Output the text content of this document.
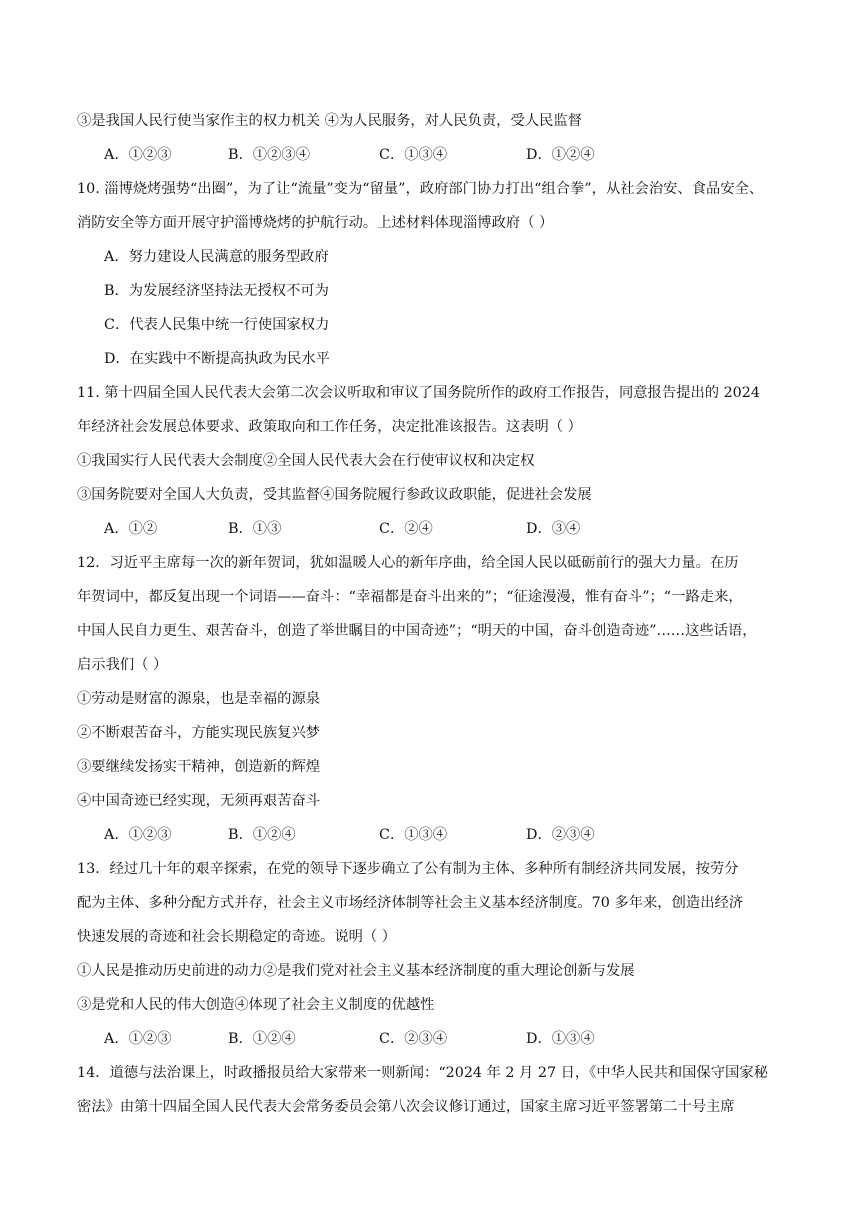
③是我国人民行使当家作主的权力机关 ④为人民服务，对人民负责，受人民监督
A．①②③	B．①②③④	C．①③④	D．①②④
10. 淄博烧烤强势“出圈”，为了让“流量”变为“留量”，政府部门协力打出“组合拳”，从社会治安、食品安全、
消防安全等方面开展守护淄博烧烤的护航行动。上述材料体现淄博政府（ ）
A．努力建设人民满意的服务型政府
B．为发展经济坚持法无授权不可为
C．代表人民集中统一行使国家权力
D．在实践中不断提高执政为民水平
11. 第十四届全国人民代表大会第二次会议听取和审议了国务院所作的政府工作报告，同意报告提出的 2024
年经济社会发展总体要求、政策取向和工作任务，决定批准该报告。这表明（ ）
①我国实行人民代表大会制度②全国人民代表大会在行使审议权和决定权
③国务院要对全国人大负责，受其监督④国务院履行参政议政职能，促进社会发展
A．①②	B．①③	C．②④	D．③④
12．习近平主席每一次的新年贺词，犹如温暖人心的新年序曲，给全国人民以砥砺前行的强大力量。在历
年贺词中，都反复出现一个词语——奋斗：“幸福都是奋斗出来的”；“征途漫漫，惟有奋斗”；“一路走来，
中国人民自力更生、艰苦奋斗，创造了举世瞩目的中国奇迹”；“明天的中国，奋斗创造奇迹”……这些话语，
启示我们（ ）
①劳动是财富的源泉，也是幸福的源泉
②不断艰苦奋斗，方能实现民族复兴梦
③要继续发扬实干精神，创造新的辉煌
④中国奇迹已经实现，无须再艰苦奋斗
A．①②③	B．①②④	C．①③④	D．②③④
13．经过几十年的艰辛探索，在党的领导下逐步确立了公有制为主体、多种所有制经济共同发展，按劳分
配为主体、多种分配方式并存，社会主义市场经济体制等社会主义基本经济制度。70 多年来，创造出经济
快速发展的奇迹和社会长期稳定的奇迹。说明（ ）
①人民是推动历史前进的动力②是我们党对社会主义基本经济制度的重大理论创新与发展
③是党和人民的伟大创造④体现了社会主义制度的优越性
A．①②③	B．①②④	C．②③④	D．①③④
14．道德与法治课上，时政播报员给大家带来一则新闻：“2024 年 2 月 27 日，《中华人民共和国保守国家秘
密法》由第十四届全国人民代表大会常务委员会第八次会议修订通过，国家主席习近平签署第二十号主席
